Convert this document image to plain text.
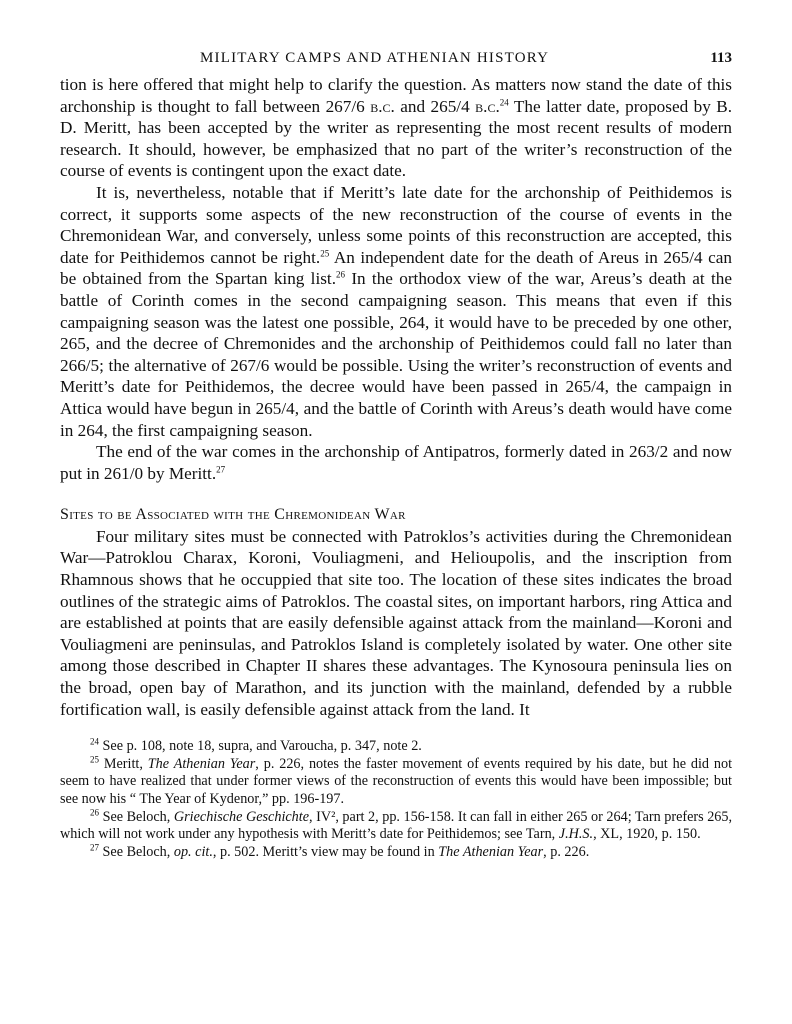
MILITARY CAMPS AND ATHENIAN HISTORY	113

tion is here offered that might help to clarify the question. As matters now stand the date of this archonship is thought to fall between 267/6 b.c. and 265/4 b.c.$^{24}$ The latter date, proposed by B. D. Meritt, has been accepted by the writer as representing the most recent results of modern research. It should, however, be emphasized that no part of the writer’s reconstruction of the course of events is contingent upon the exact date.

It is, nevertheless, notable that if Meritt’s late date for the archonship of Peithidemos is correct, it supports some aspects of the new reconstruction of the course of events in the Chremonidean War, and conversely, unless some points of this reconstruction are accepted, this date for Peithidemos cannot be right.$^{25}$ An independent date for the death of Areus in 265/4 can be obtained from the Spartan king list.$^{26}$ In the orthodox view of the war, Areus’s death at the battle of Corinth comes in the second campaigning season. This means that even if this campaigning season was the latest one possible, 264, it would have to be preceded by one other, 265, and the decree of Chremonides and the archonship of Peithidemos could fall no later than 266/5; the alternative of 267/6 would be possible. Using the writer’s reconstruction of events and Meritt’s date for Peithidemos, the decree would have been passed in 265/4, the campaign in Attica would have begun in 265/4, and the battle of Corinth with Areus’s death would have come in 264, the first campaigning season.

The end of the war comes in the archonship of Antipatros, formerly dated in 263/2 and now put in 261/0 by Meritt.$^{27}$

Sites to be Associated with the Chremonidean War

Four military sites must be connected with Patroklos’s activities during the Chremonidean War—Patroklou Charax, Koroni, Vouliagmeni, and Helioupolis, and the inscription from Rhamnous shows that he occuppied that site too. The location of these sites indicates the broad outlines of the strategic aims of Patroklos. The coastal sites, on important harbors, ring Attica and are established at points that are easily defensible against attack from the mainland—Koroni and Vouliagmeni are peninsulas, and Patroklos Island is completely isolated by water. One other site among those described in Chapter II shares these advantages. The Kynosoura peninsula lies on the broad, open bay of Marathon, and its junction with the mainland, defended by a rubble fortification wall, is easily defensible against attack from the land. It

$^{24}$ See p. 108, note 18, supra, and Varoucha, p. 347, note 2.

$^{25}$ Meritt, The Athenian Year, p. 226, notes the faster movement of events required by his date, but he did not seem to have realized that under former views of the reconstruction of events this would have been impossible; but see now his “ The Year of Kydenor,” pp. 196-197.

$^{26}$ See Beloch, Griechische Geschichte, IV², part 2, pp. 156-158. It can fall in either 265 or 264; Tarn prefers 265, which will not work under any hypothesis with Meritt’s date for Peithidemos; see Tarn, J.H.S., XL, 1920, p. 150.

$^{27}$ See Beloch, op. cit., p. 502. Meritt’s view may be found in The Athenian Year, p. 226.
